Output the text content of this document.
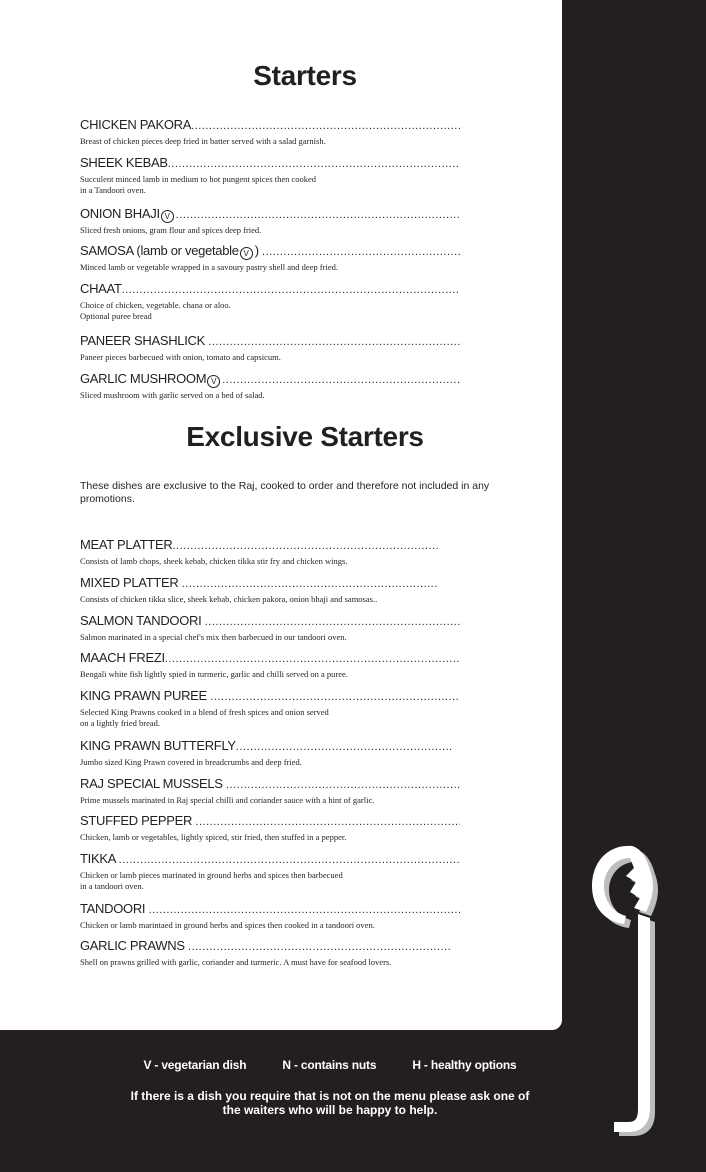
Starters
CHICKEN PAKORA
.....
Breast of chicken pieces deep fried in batter served with a salad garnish.
SHEEK KEBAB
.....
Succulent minced lamb in medium to hot pungent spices then cooked
in a Tandoori oven.
ONION BHAJI V
.....
Sliced fresh onions, gram flour and spices deep fried.
SAMOSA (lamb or vegetable V )
.....
Minced lamb or vegetable wrapped in a savoury pastry shell and deep fried.
CHAAT
.....
Choice of chicken, vegetable. chana or aloo.
Optional puree bread
PANEER SHASHLICK
.....
Paneer pieces barbecued with onion, tomato and capsicum.
GARLIC MUSHROOM V
.....
Sliced mushroom with garlic served on a bed of salad.
Exclusive Starters
These dishes are exclusive to the Raj, cooked to order and therefore not included in any promotions.
MEAT PLATTER
.....
Consists of lamb chops, sheek kebab, chicken tikka stir fry and chicken wings.
MIXED PLATTER
.....
Consists of chicken tikka slice, sheek kebab, chicken pakora, onion bhaji and samosas..
SALMON TANDOORI
.....
Salmon marinated in a special chef's mix then barbecued in our tandoori oven.
MAACH FREZI
.....
Bengali white fish lightly spied in turmeric, garlic and chilli served on a puree.
KING PRAWN PUREE
.....
Selected King Prawns cooked in a blend of fresh spices and onion served
on a lightly fried bread.
KING PRAWN BUTTERFLY
.....
Jumbo sized King Prawn covered in breadcrumbs and deep fried.
RAJ SPECIAL MUSSELS
.....
Prime mussels marinated in Raj special chilli and coriander sauce with a hint of garlic.
STUFFED PEPPER
.....
Chicken, lamb or vegetables, lightly spiced, stir fried, then stuffed in a pepper.
TIKKA
.....
Chicken or lamb pieces marinated in ground herbs and spices then barbecued
in a tandoori oven.
TANDOORI
.....
Chicken or lamb marintaed in ground herbs and spices then cooked in a tandoori oven.
GARLIC PRAWNS
.....
Shell on prawns grilled with garlic, coriander and turmeric. A must have for seafood lovers.
V - vegetarian dish	N - contains nuts	H - healthy options
If there is a dish you require that is not on the menu please ask one of the waiters who will be happy to help.
